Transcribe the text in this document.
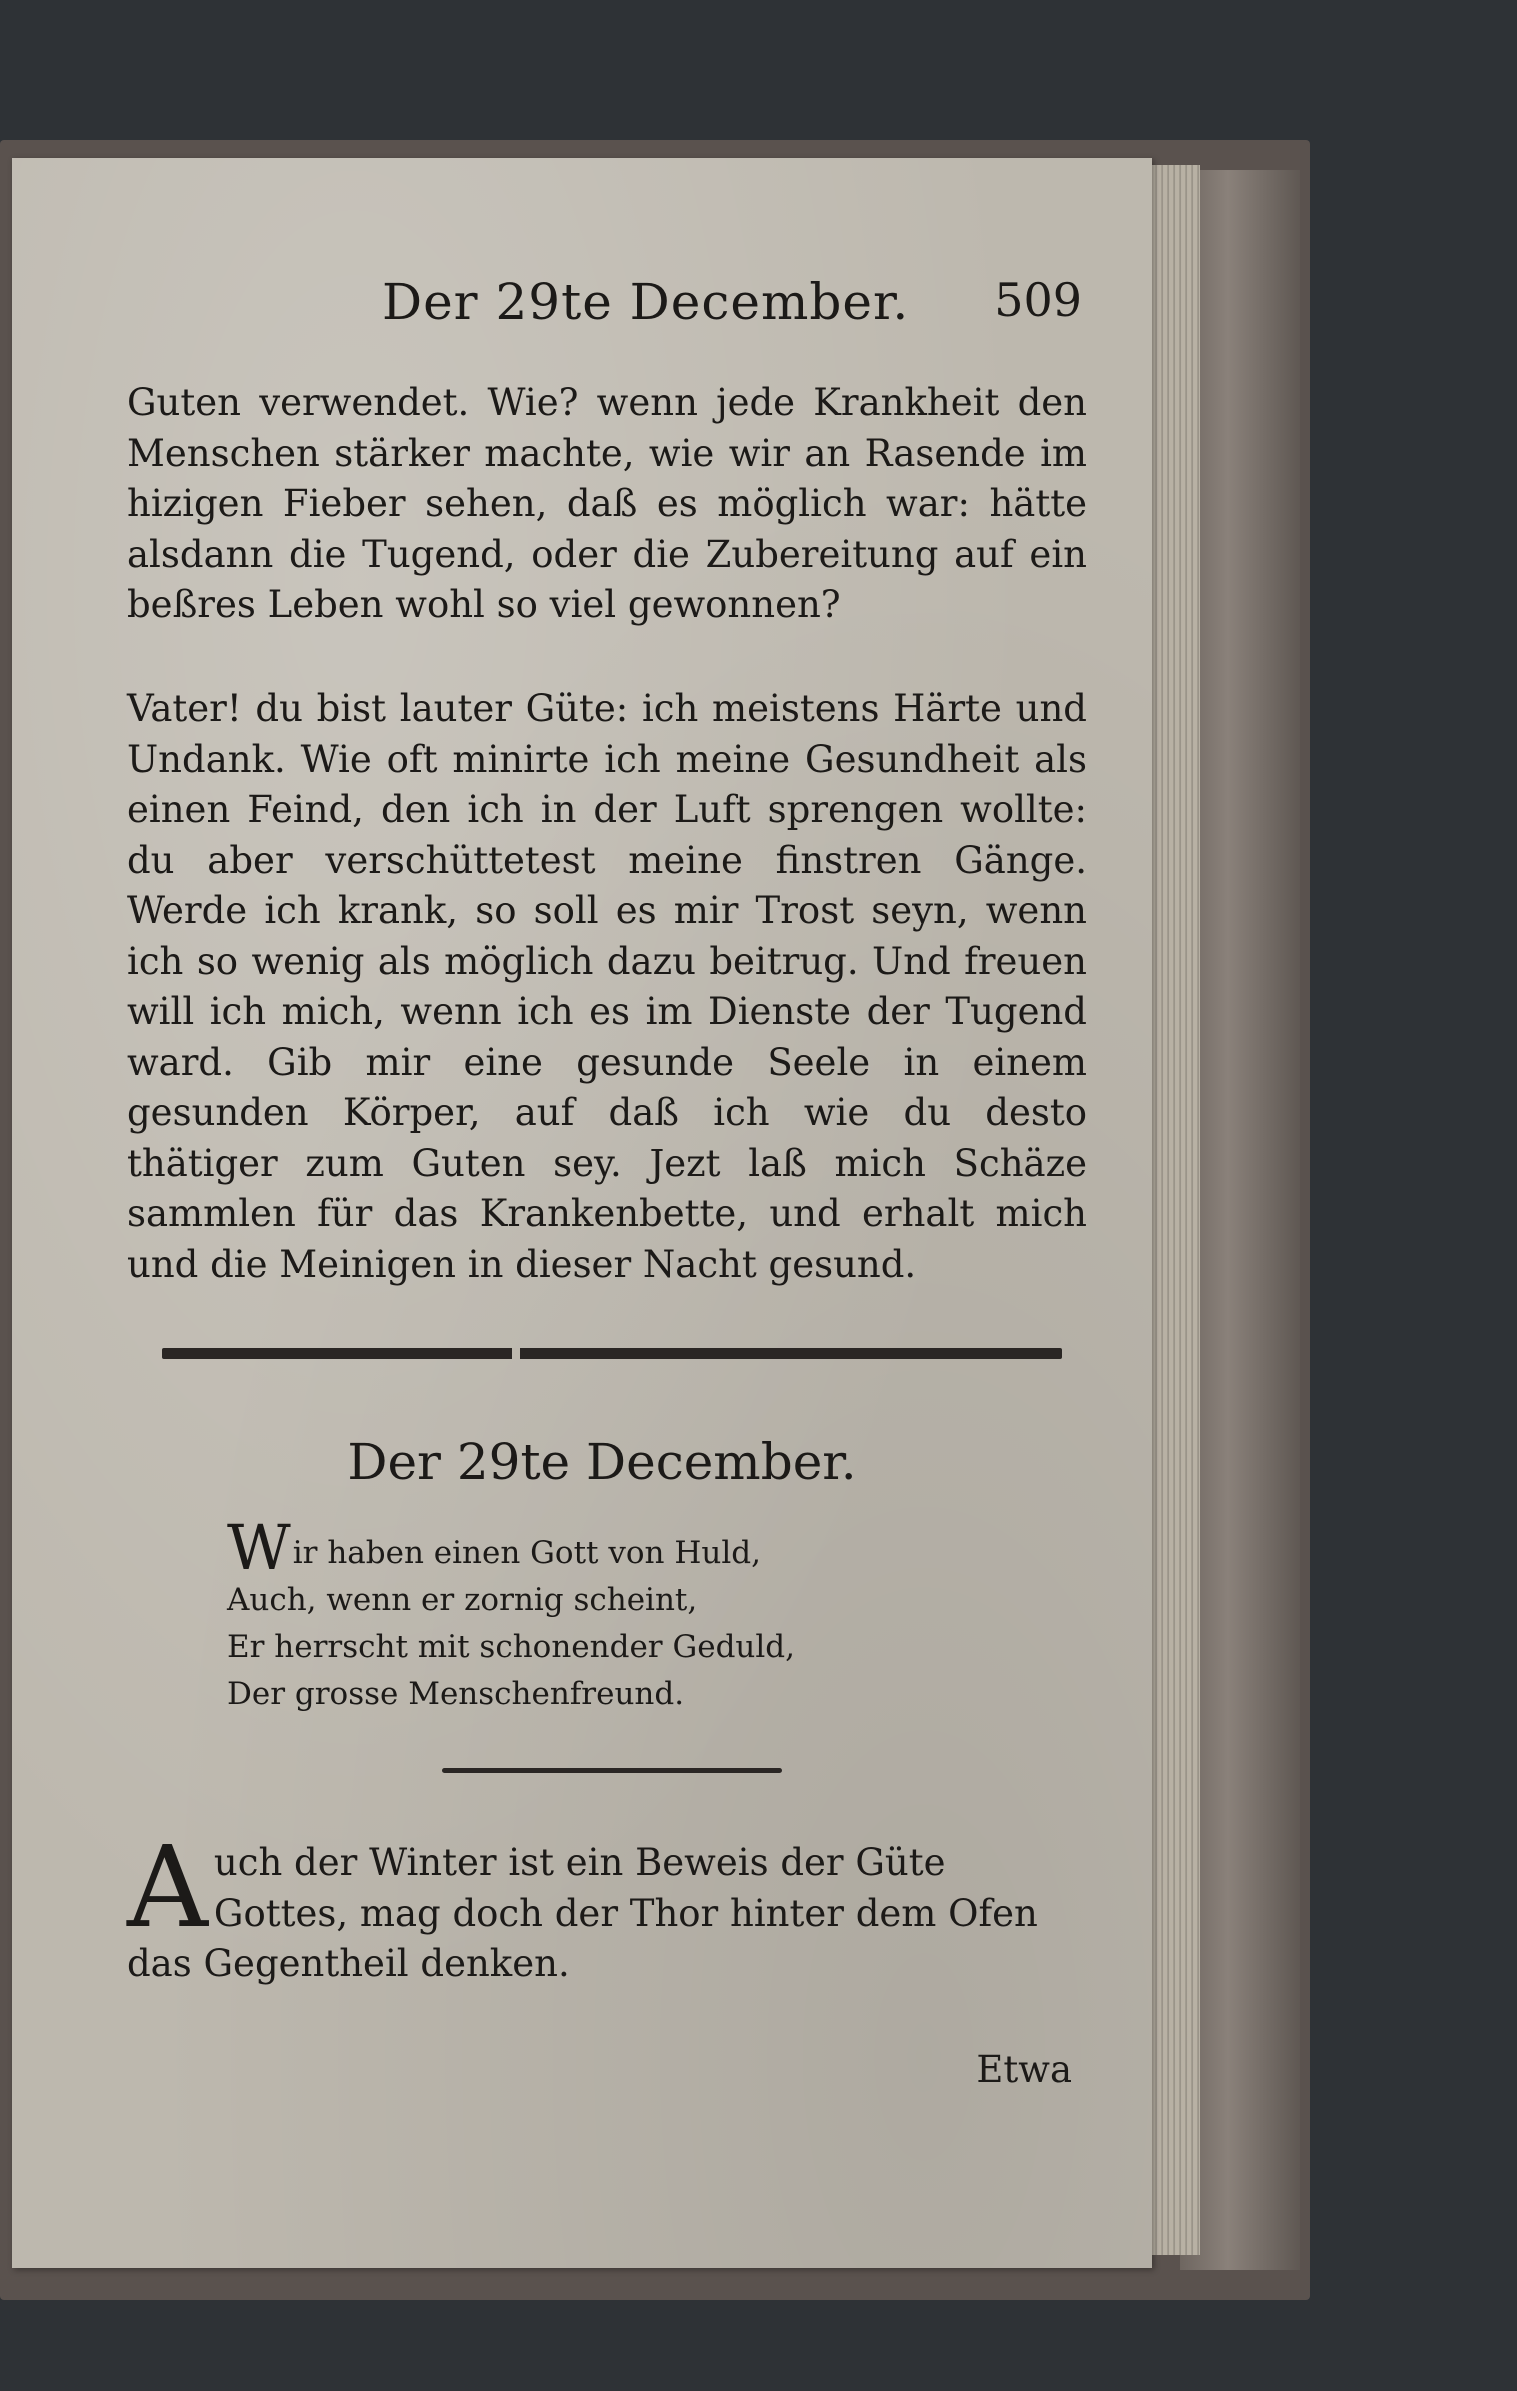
Der 29te December. 509

Guten verwendet. Wie? wenn jede Krankheit den Menschen stärker machte, wie wir an Rasende im hizigen Fieber sehen, daß es möglich war: hätte alsdann die Tugend, oder die Zubereitung auf ein beßres Leben wohl so viel gewonnen?

Vater! du bist lauter Güte: ich meistens Härte und Undank. Wie oft minirte ich meine Gesundheit als einen Feind, den ich in der Luft sprengen wollte: du aber verschüttetest meine finstren Gänge. Werde ich krank, so soll es mir Trost seyn, wenn ich so wenig als möglich dazu beitrug. Und freuen will ich mich, wenn ich es im Dienste der Tugend ward. Gib mir eine gesunde Seele in einem gesunden Körper, auf daß ich wie du desto thätiger zum Guten sey. Jezt laß mich Schäze sammlen für das Krankenbette, und erhalt mich und die Meinigen in dieser Nacht gesund.

Der 29te December.
Wir haben einen Gott von Huld,
Auch, wenn er zornig scheint,
Er herrscht mit schonender Geduld,
Der grosse Menschenfreund.
A uch der Winter ist ein Beweis der Güte Gottes, mag doch der Thor hinter dem Ofen das Gegentheil denken.
Etwa
